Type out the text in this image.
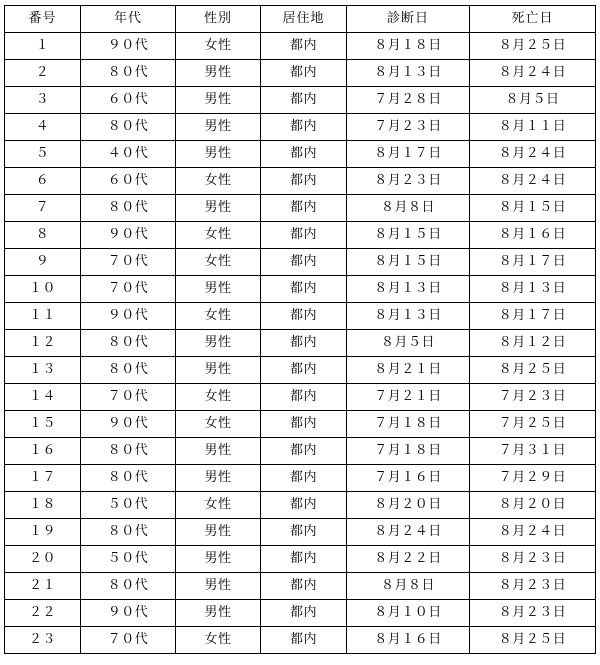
番号	年代	性別	居住地	診断日	死亡日
１	９０代	女性	都内	８月１８日	８月２５日
２	８０代	男性	都内	８月１３日	８月２４日
３	６０代	男性	都内	７月２８日	８月５日
４	８０代	男性	都内	７月２３日	８月１１日
５	４０代	男性	都内	８月１７日	８月２４日
６	６０代	女性	都内	８月２３日	８月２４日
７	８０代	男性	都内	８月８日	８月１５日
８	９０代	女性	都内	８月１５日	８月１６日
９	７０代	女性	都内	８月１５日	８月１７日
１０	７０代	男性	都内	８月１３日	８月１３日
１１	９０代	女性	都内	８月１３日	８月１７日
１２	８０代	男性	都内	８月５日	８月１２日
１３	８０代	男性	都内	８月２１日	８月２５日
１４	７０代	女性	都内	７月２１日	７月２３日
１５	９０代	女性	都内	７月１８日	７月２５日
１６	８０代	男性	都内	７月１８日	７月３１日
１７	８０代	男性	都内	７月１６日	７月２９日
１８	５０代	女性	都内	８月２０日	８月２０日
１９	８０代	男性	都内	８月２４日	８月２４日
２０	５０代	男性	都内	８月２２日	８月２３日
２１	８０代	男性	都内	８月８日	８月２３日
２２	９０代	男性	都内	８月１０日	８月２３日
２３	７０代	女性	都内	８月１６日	８月２５日
